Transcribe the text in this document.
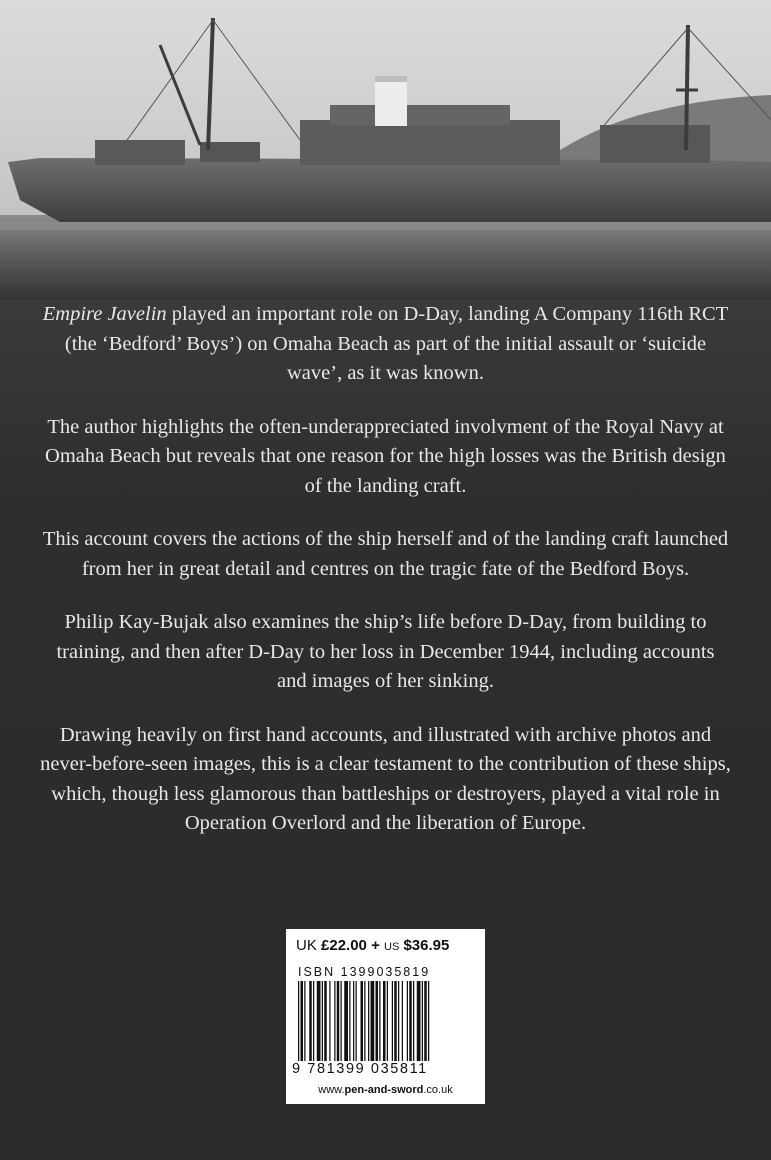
Empire Javelin played an important role on D-Day, landing A Company 116th RCT (the ‘Bedford’ Boys’) on Omaha Beach as part of the initial assault or ‘suicide wave’, as it was known.

The author highlights the often-underappreciated involvment of the Royal Navy at Omaha Beach but reveals that one reason for the high losses was the British design of the landing craft.

This account covers the actions of the ship herself and of the landing craft launched from her in great detail and centres on the tragic fate of the Bedford Boys.

Philip Kay-Bujak also examines the ship’s life before D-Day, from building to training, and then after D-Day to her loss in December 1944, including accounts and images of her sinking.

Drawing heavily on first hand accounts, and illustrated with archive photos and never-before-seen images, this is a clear testament to the contribution of these ships, which, though less glamorous than battleships or destroyers, played a vital role in Operation Overlord and the liberation of Europe.

UK £22.00 + US $36.95
ISBN 1399035819
9 781399 035811
www.pen-and-sword.co.uk
